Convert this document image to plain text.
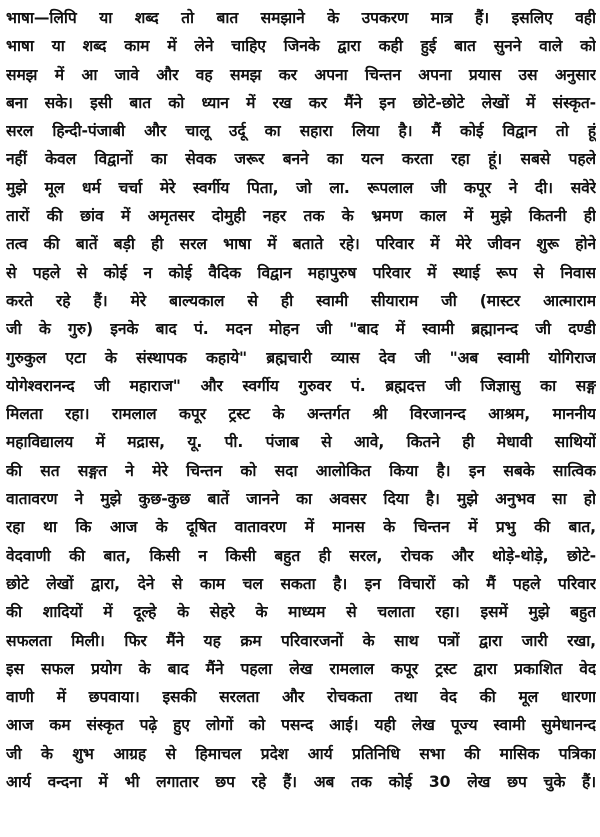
भाषा—लिपि या शब्द तो बात समझाने के उपकरण मात्र हैं। इसलिए वही
भाषा या शब्द काम में लेने चाहिए जिनके द्वारा कही हुई बात सुनने वाले को
समझ में आ जावे और वह समझ कर अपना चिन्तन अपना प्रयास उस अनुसार
बना सके। इसी बात को ध्यान में रख कर मैंने इन छोटे-छोटे लेखों में संस्कृत-
सरल हिन्दी-पंजाबी और चालू उर्दू का सहारा लिया है। मैं कोई विद्वान तो हूं
नहीं केवल विद्वानों का सेवक जरूर बनने का यत्न करता रहा हूं। सबसे पहले
मुझे मूल धर्म चर्चा मेरे स्वर्गीय पिता, जो ला. रूपलाल जी कपूर ने दी। सवेरे
तारों की छांव में अमृतसर दोमुही नहर तक के भ्रमण काल में मुझे कितनी ही
तत्व की बातें बड़ी ही सरल भाषा में बताते रहे। परिवार में मेरे जीवन शुरू होने
से पहले से कोई न कोई वैदिक विद्वान महापुरुष परिवार में स्थाई रूप से निवास
करते रहे हैं। मेरे बाल्यकाल से ही स्वामी सीयाराम जी (मास्टर आत्माराम
जी के गुरु) इनके बाद पं. मदन मोहन जी "बाद में स्वामी ब्रह्मानन्द जी दण्डी
गुरुकुल एटा के संस्थापक कहाये" ब्रह्मचारी व्यास देव जी "अब स्वामी योगिराज
योगेश्वरानन्द जी महाराज" और स्वर्गीय गुरुवर पं. ब्रह्मदत्त जी जिज्ञासु का सङ्ग
मिलता रहा। रामलाल कपूर ट्रस्ट के अन्तर्गत श्री विरजानन्द आश्रम, माननीय
महाविद्यालय में मद्रास, यू. पी. पंजाब से आवे, कितने ही मेधावी साथियों
की सत सङ्गत ने मेरे चिन्तन को सदा आलोकित किया है। इन सबके सात्विक
वातावरण ने मुझे कुछ-कुछ बातें जानने का अवसर दिया है। मुझे अनुभव सा हो
रहा था कि आज के दूषित वातावरण में मानस के चिन्तन में प्रभु की बात,
वेदवाणी की बात, किसी न किसी बहुत ही सरल, रोचक और थोड़े-थोड़े, छोटे-
छोटे लेखों द्वारा, देने से काम चल सकता है। इन विचारों को मैं पहले परिवार
की शादियों में दूल्हे के सेहरे के माध्यम से चलाता रहा। इसमें मुझे बहुत
सफलता मिली। फिर मैंने यह क्रम परिवारजनों के साथ पत्रों द्वारा जारी रखा,
इस सफल प्रयोग के बाद मैंने पहला लेख रामलाल कपूर ट्रस्ट द्वारा प्रकाशित वेद
वाणी में छपवाया। इसकी सरलता और रोचकता तथा वेद की मूल धारणा
आज कम संस्कृत पढ़े हुए लोगों को पसन्द आई। यही लेख पूज्य स्वामी सुमेधानन्द
जी के शुभ आग्रह से हिमाचल प्रदेश आर्य प्रतिनिधि सभा की मासिक पत्रिका
आर्य वन्दना में भी लगातार छप रहे हैं। अब तक कोई 30 लेख छप चुके हैं।
